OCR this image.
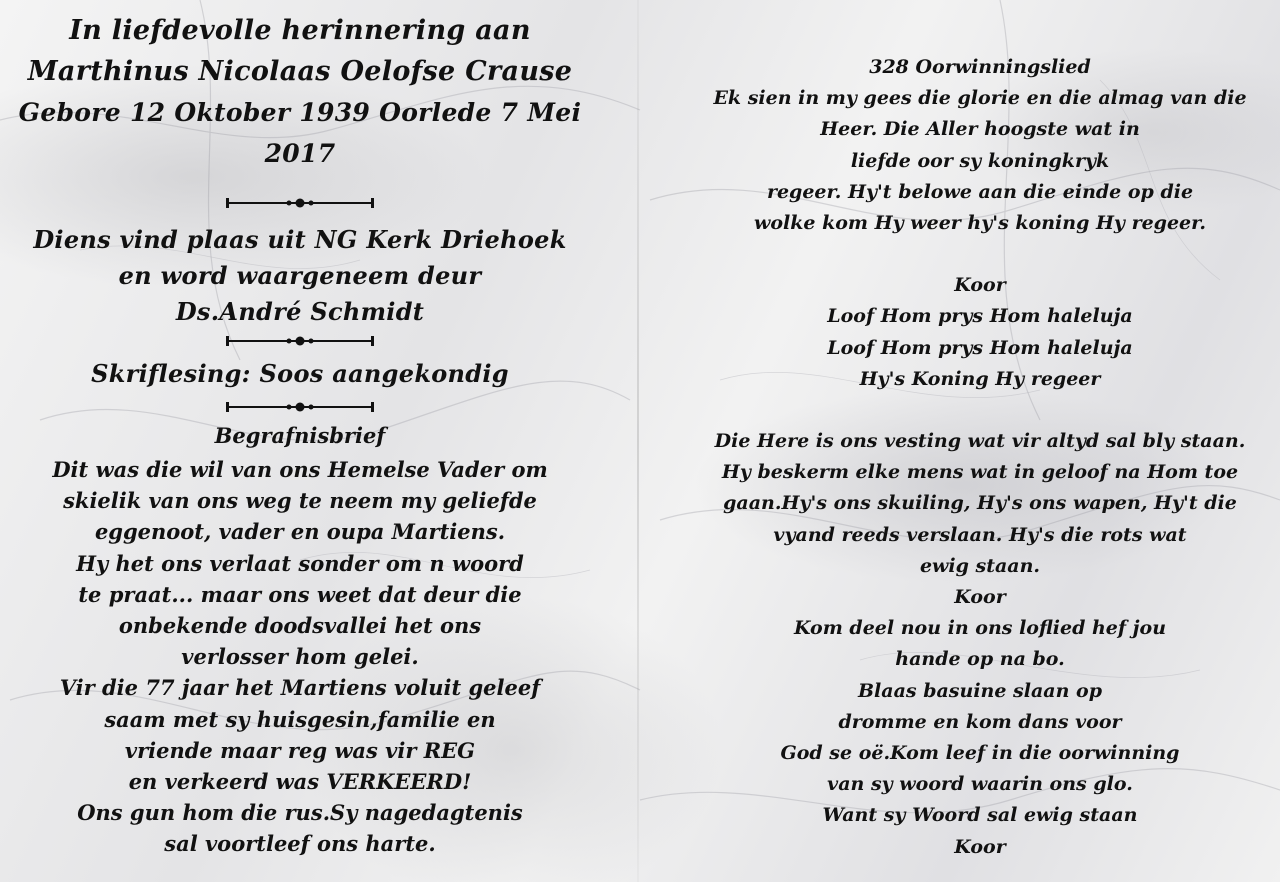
In liefdevolle herinnering aan
Marthinus Nicolaas Oelofse Crause
Gebore 12 Oktober 1939 Oorlede 7 Mei 2017
Diens vind plaas uit NG Kerk Driehoek
en word waargeneem deur
Ds.André Schmidt
Skriflesing: Soos aangekondig
Begrafnisbrief
Dit was die wil van ons Hemelse Vader om
skielik van ons weg te neem my geliefde
eggenoot, vader en oupa Martiens.
Hy het ons verlaat sonder om n woord
te praat... maar ons weet dat deur die
onbekende doodsvallei het ons
verlosser hom gelei.
Vir die 77 jaar het Martiens voluit geleef
saam met sy huisgesin,familie en
vriende maar reg was vir REG
en verkeerd was VERKEERD!
Ons gun hom die rus.Sy nagedagtenis
sal voortleef ons harte.
328 Oorwinningslied
Ek sien in my gees die glorie en die almag van die
Heer. Die Aller hoogste wat in
liefde oor sy koningkryk
regeer. Hy't belowe aan die einde op die
wolke kom Hy weer hy's koning Hy regeer.
Koor
Loof Hom prys Hom haleluja
Loof Hom prys Hom haleluja
Hy's Koning Hy regeer
Die Here is ons vesting wat vir altyd sal bly staan.
Hy beskerm elke mens wat in geloof na Hom toe
gaan.Hy's ons skuiling, Hy's ons wapen, Hy't die
vyand reeds verslaan. Hy's die rots wat
ewig staan.
Koor
Kom deel nou in ons loflied hef jou
hande op na bo.
Blaas basuine slaan op
dromme en kom dans voor
God se oë.Kom leef in die oorwinning
van sy woord waarin ons glo.
Want sy Woord sal ewig staan
Koor
